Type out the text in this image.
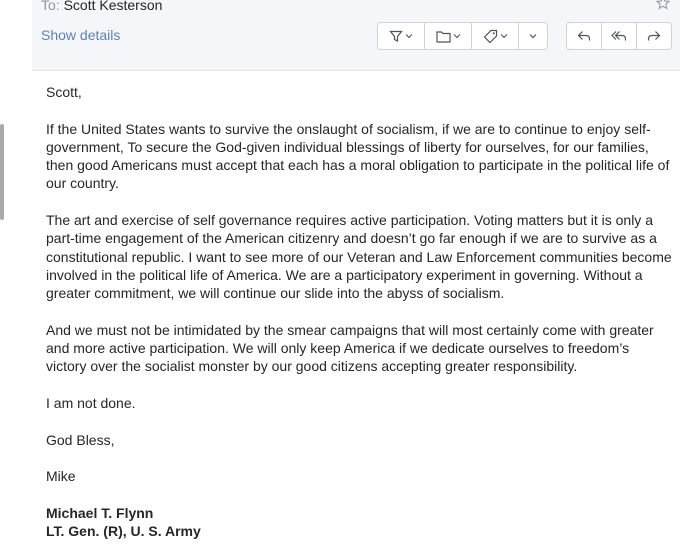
To: Scott Kesterson
Show details

Scott,

If the United States wants to survive the onslaught of socialism, if we are to continue to enjoy self-government, To secure the God-given individual blessings of liberty for ourselves, for our families, then good Americans must accept that each has a moral obligation to participate in the political life of our country.

The art and exercise of self governance requires active participation. Voting matters but it is only a part-time engagement of the American citizenry and doesn’t go far enough if we are to survive as a constitutional republic. I want to see more of our Veteran and Law Enforcement communities become involved in the political life of America. We are a participatory experiment in governing. Without a greater commitment, we will continue our slide into the abyss of socialism.

And we must not be intimidated by the smear campaigns that will most certainly come with greater and more active participation. We will only keep America if we dedicate ourselves to freedom’s victory over the socialist monster by our good citizens accepting greater responsibility.

I am not done.

God Bless,

Mike

Michael T. Flynn
LT. Gen. (R), U. S. Army
